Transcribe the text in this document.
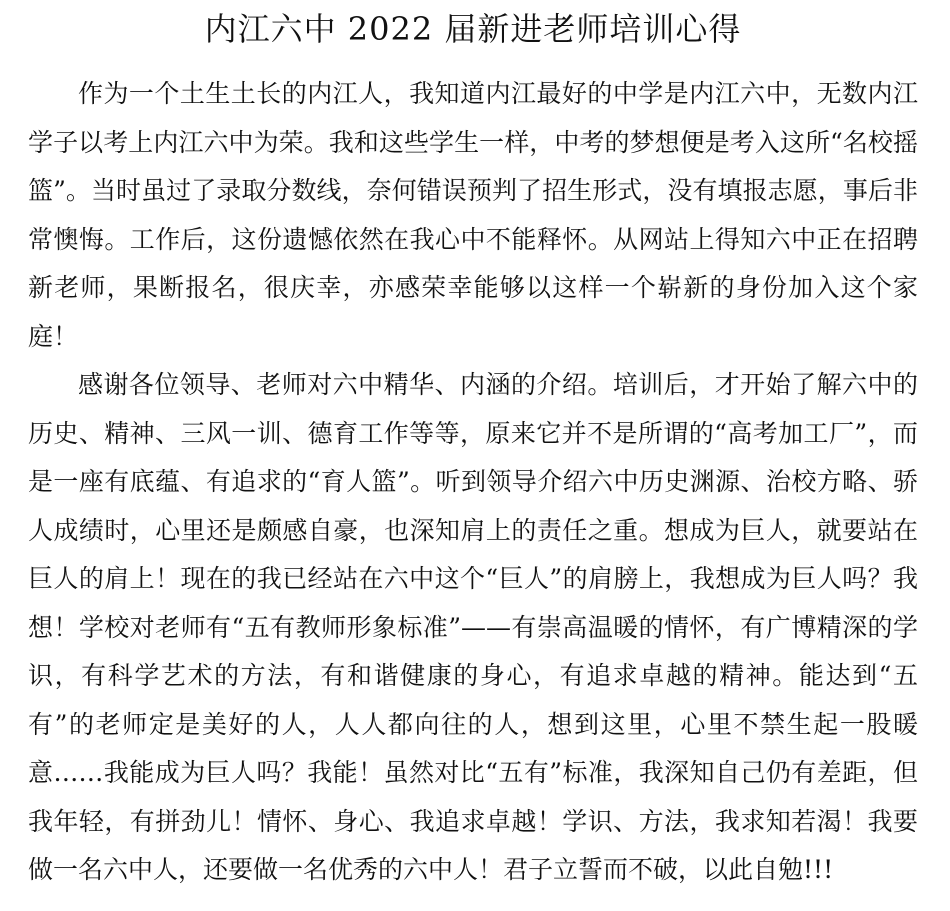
内江六中 2022 届新进老师培训心得

作为一个土生土长的内江人，我知道内江最好的中学是内江六中，无数内江学子以考上内江六中为荣。我和这些学生一样，中考的梦想便是考入这所“名校摇篮”。当时虽过了录取分数线，奈何错误预判了招生形式，没有填报志愿，事后非常懊悔。工作后，这份遗憾依然在我心中不能释怀。从网站上得知六中正在招聘新老师，果断报名，很庆幸，亦感荣幸能够以这样一个崭新的身份加入这个家庭！

感谢各位领导、老师对六中精华、内涵的介绍。培训后，才开始了解六中的历史、精神、三风一训、德育工作等等，原来它并不是所谓的“高考加工厂”，而是一座有底蕴、有追求的“育人篮”。听到领导介绍六中历史渊源、治校方略、骄人成绩时，心里还是颇感自豪，也深知肩上的责任之重。想成为巨人，就要站在巨人的肩上！现在的我已经站在六中这个“巨人”的肩膀上，我想成为巨人吗？我想！学校对老师有“五有教师形象标准”——有崇高温暖的情怀，有广博精深的学识，有科学艺术的方法，有和谐健康的身心，有追求卓越的精神。能达到“五有”的老师定是美好的人，人人都向往的人，想到这里，心里不禁生起一股暖意……我能成为巨人吗？我能！虽然对比“五有”标准，我深知自己仍有差距，但我年轻，有拼劲儿！情怀、身心、我追求卓越！学识、方法，我求知若渴！我要做一名六中人，还要做一名优秀的六中人！君子立誓而不破，以此自勉!!!
